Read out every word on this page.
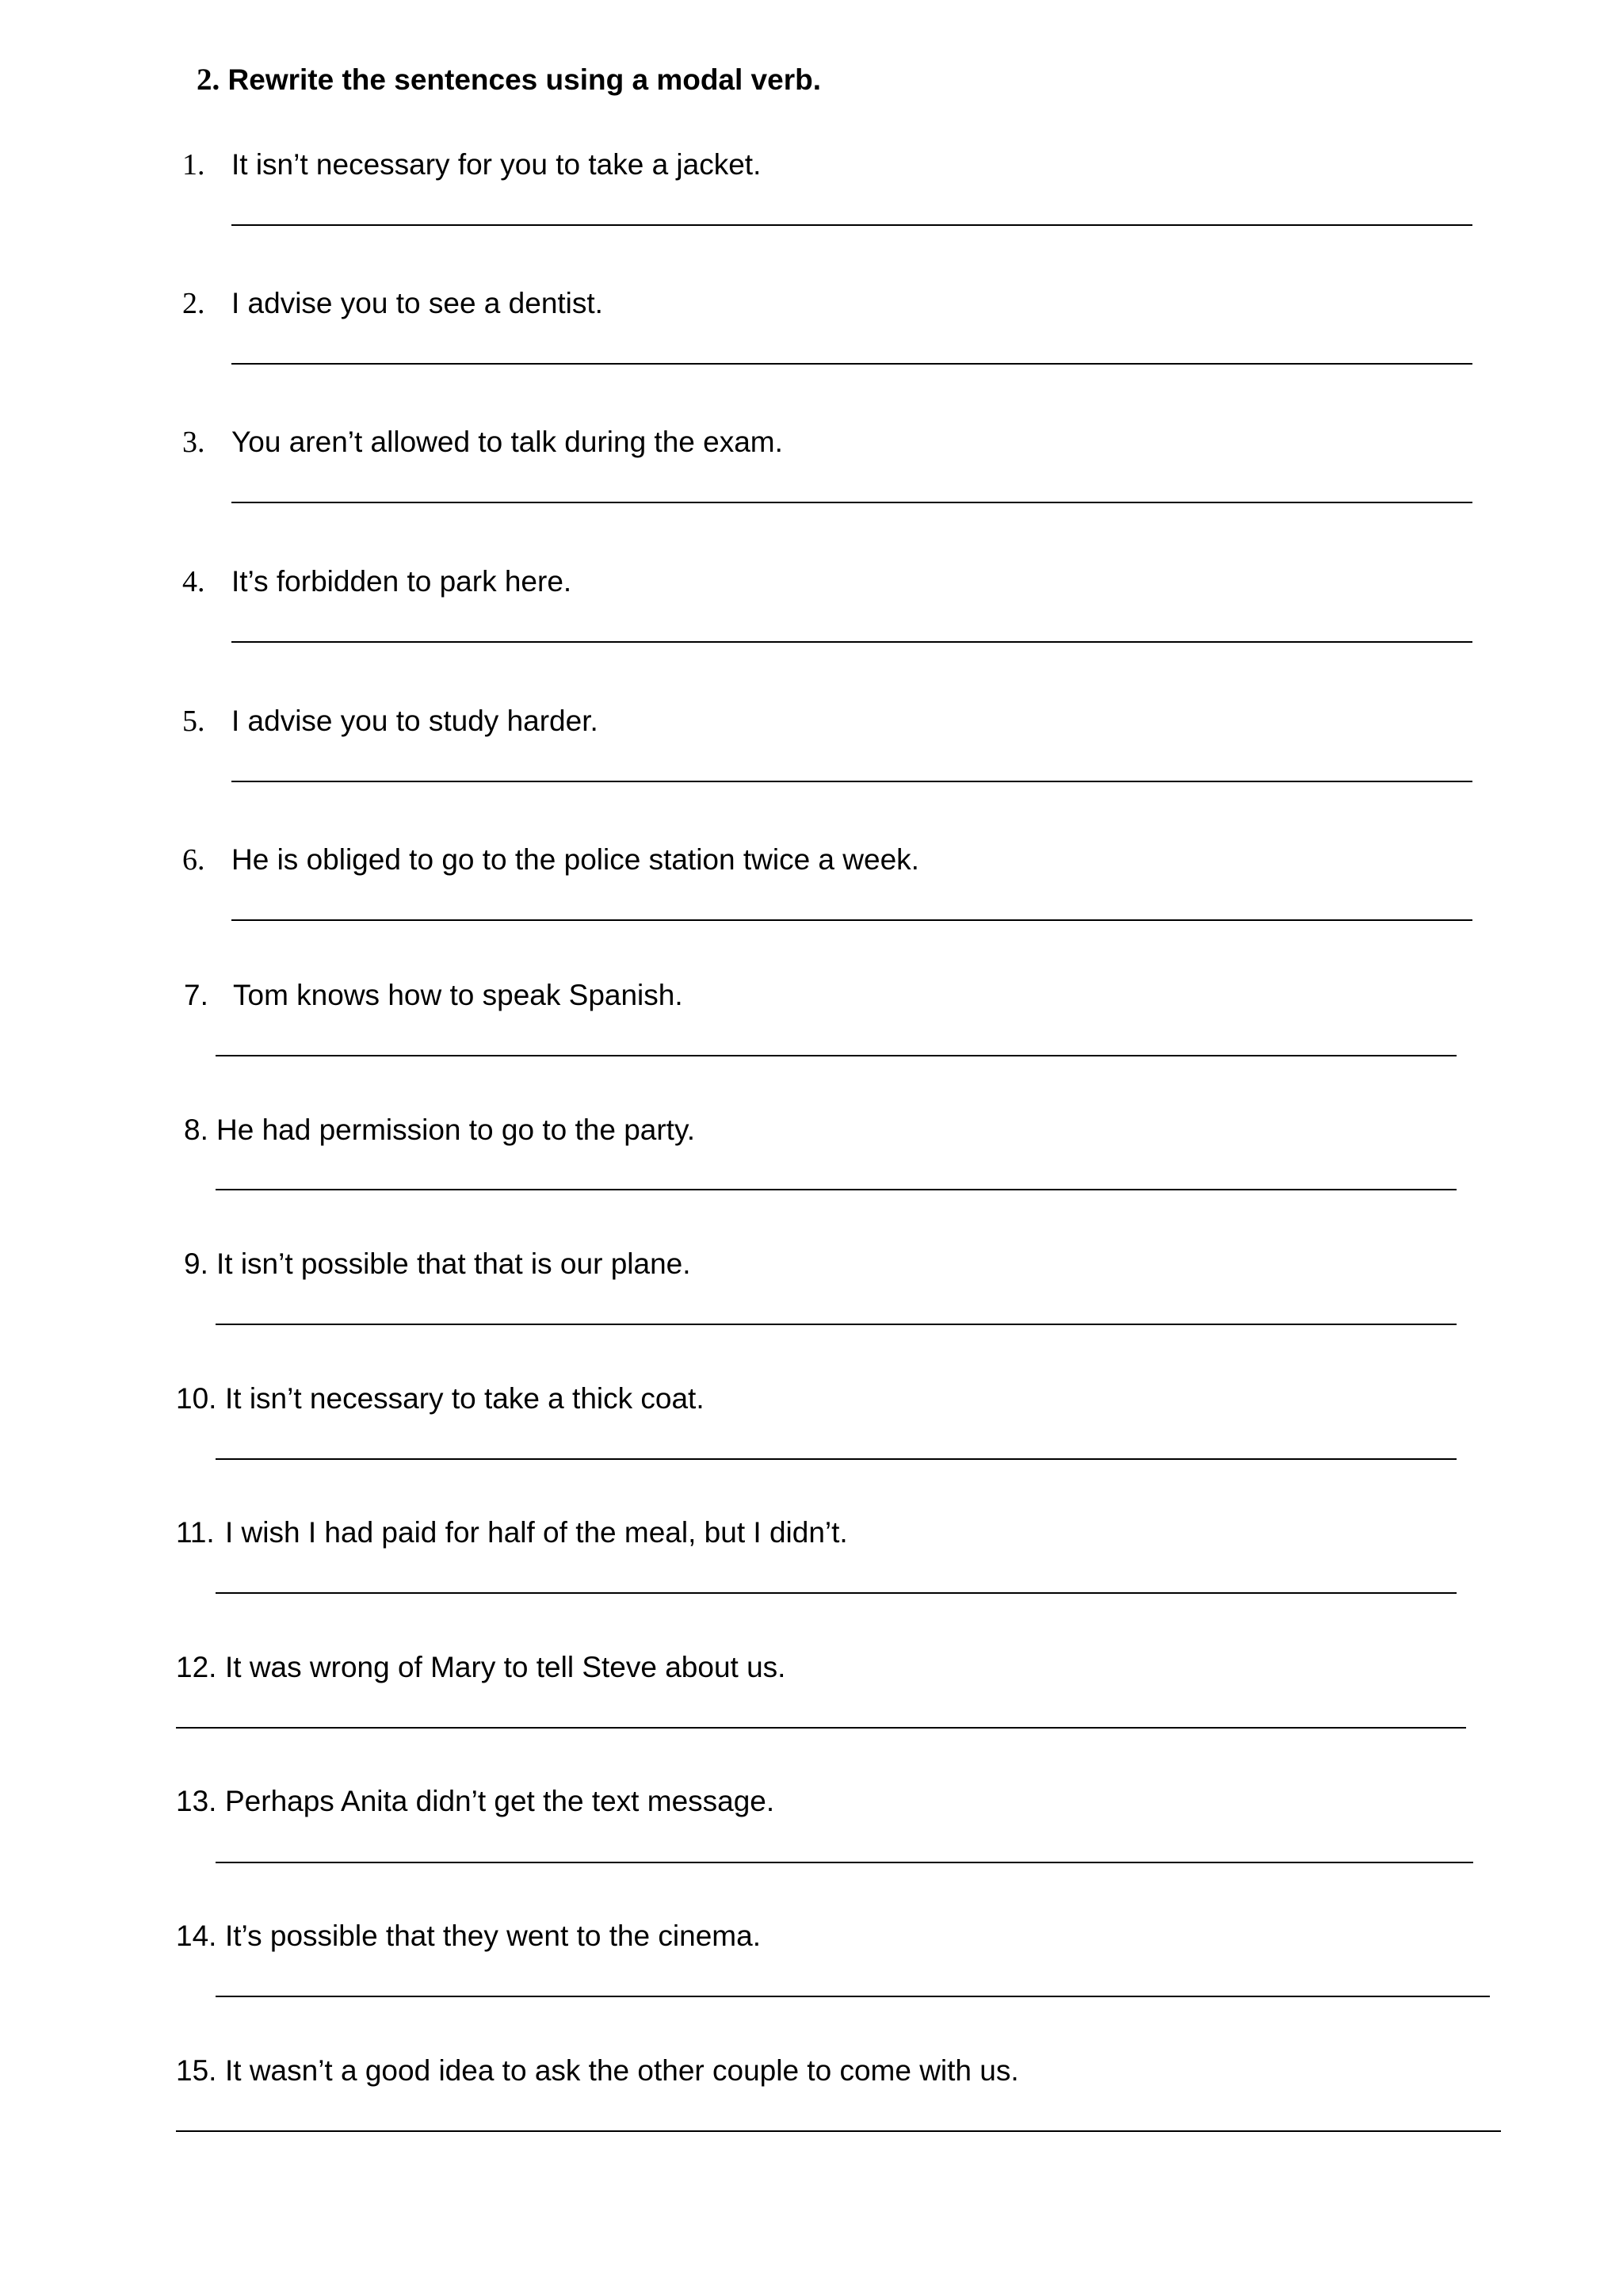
2. Rewrite the sentences using a modal verb.
1. It isn’t necessary for you to take a jacket.
2. I advise you to see a dentist.
3. You aren’t allowed to talk during the exam.
4. It’s forbidden to park here.
5. I advise you to study harder.
6. He is obliged to go to the police station twice a week.
7. Tom knows how to speak Spanish.
8. He had permission to go to the party.
9. It isn’t possible that that is our plane.
10. It isn’t necessary to take a thick coat.
11. I wish I had paid for half of the meal, but I didn’t.
12. It was wrong of Mary to tell Steve about us.
13. Perhaps Anita didn’t get the text message.
14. It’s possible that they went to the cinema.
15. It wasn’t a good idea to ask the other couple to come with us.
